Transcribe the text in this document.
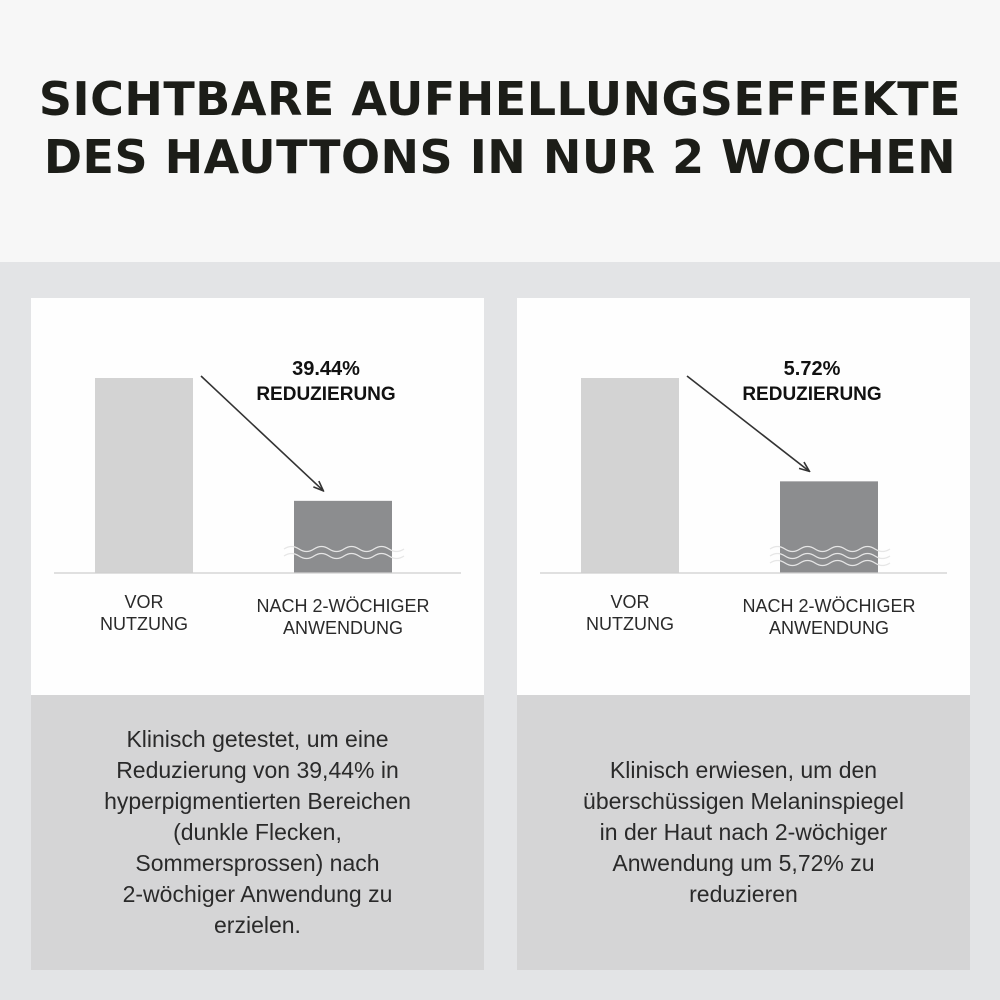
SICHTBARE AUFHELLUNGSEFFEKTE
DES HAUTTONS IN NUR 2 WOCHEN
39.44%
REDUZIERUNG
VOR NUTZUNG
NACH 2-WÖCHIGER ANWENDUNG

Klinisch getestet, um eine
Reduzierung von 39,44% in
hyperpigmentierten Bereichen
(dunkle Flecken,
Sommersprossen) nach
2-wöchiger Anwendung zu
erzielen.

5.72%
REDUZIERUNG
VOR NUTZUNG
NACH 2-WÖCHIGER ANWENDUNG

Klinisch erwiesen, um den
überschüssigen Melaninspiegel
in der Haut nach 2-wöchiger
Anwendung um 5,72% zu
reduzieren
